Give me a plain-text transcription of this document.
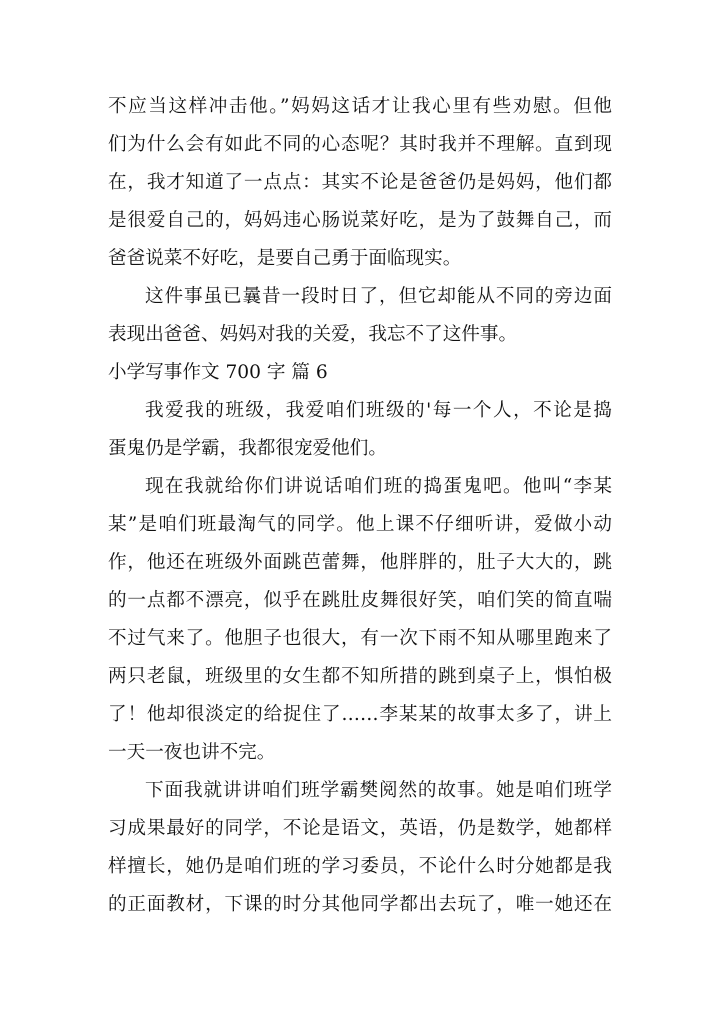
不应当这样冲击他。”妈妈这话才让我心里有些劝慰。但他
们为什么会有如此不同的心态呢？其时我并不理解。直到现
在，我才知道了一点点：其实不论是爸爸仍是妈妈，他们都
是很爱自己的，妈妈违心肠说菜好吃，是为了鼓舞自己，而
爸爸说菜不好吃，是要自己勇于面临现实。
这件事虽已曩昔一段时日了，但它却能从不同的旁边面
表现出爸爸、妈妈对我的关爱，我忘不了这件事。
小学写事作文 700 字 篇 6
我爱我的班级，我爱咱们班级的'每一个人，不论是捣
蛋鬼仍是学霸，我都很宠爱他们。
现在我就给你们讲说话咱们班的捣蛋鬼吧。他叫“李某
某”是咱们班最淘气的同学。他上课不仔细听讲，爱做小动
作，他还在班级外面跳芭蕾舞，他胖胖的，肚子大大的，跳
的一点都不漂亮，似乎在跳肚皮舞很好笑，咱们笑的简直喘
不过气来了。他胆子也很大，有一次下雨不知从哪里跑来了
两只老鼠，班级里的女生都不知所措的跳到桌子上，惧怕极
了！他却很淡定的给捉住了……李某某的故事太多了，讲上
一天一夜也讲不完。
下面我就讲讲咱们班学霸樊阅然的故事。她是咱们班学
习成果最好的同学，不论是语文，英语，仍是数学，她都样
样擅长，她仍是咱们班的学习委员，不论什么时分她都是我
的正面教材，下课的时分其他同学都出去玩了，唯一她还在
